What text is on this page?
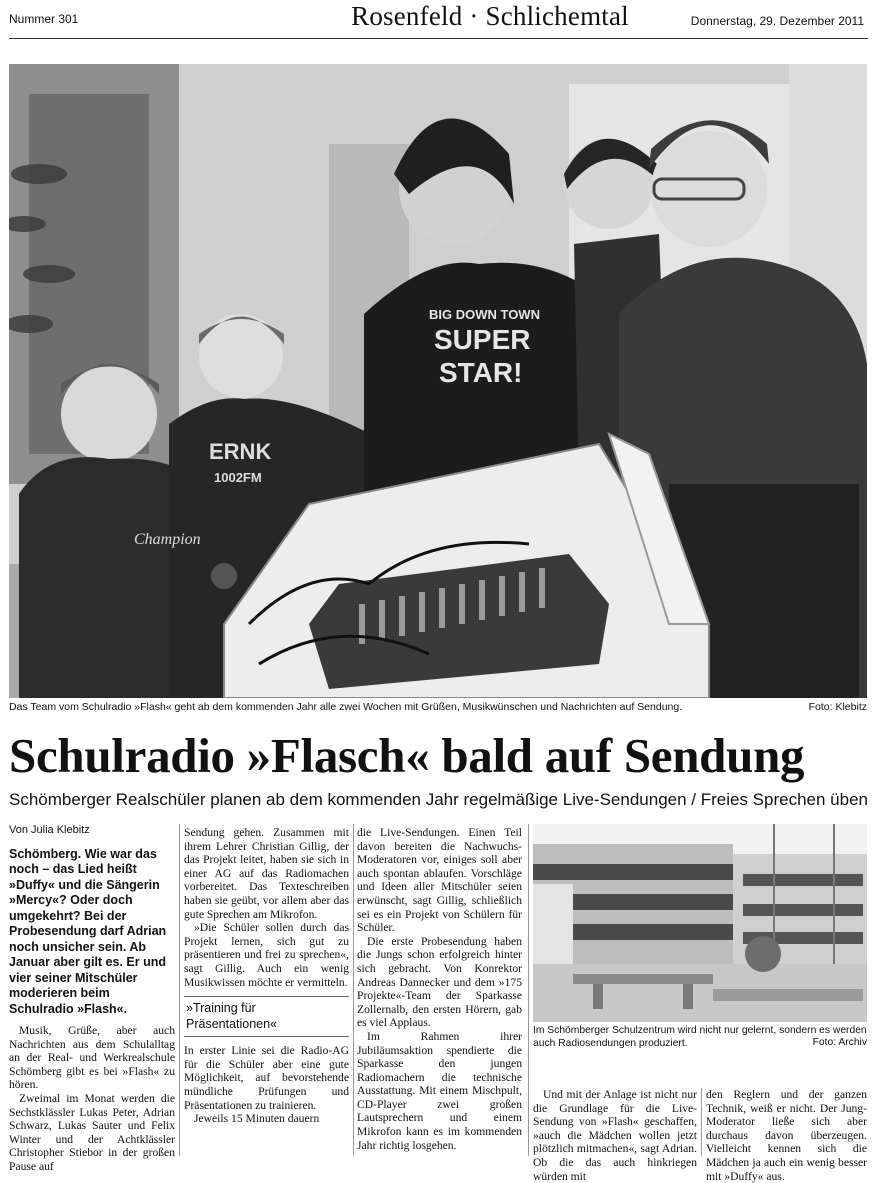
Nummer 301	Rosenfeld · Schlichemtal	Donnerstag, 29. Dezember 2011
BIG DOWN TOWN
SUPER
STAR!
ERNK
1002FM
Champion
Das Team vom Schulradio »Flash« geht ab dem kommenden Jahr alle zwei Wochen mit Grüßen, Musikwünschen und Nachrichten auf Sendung.	Foto: Klebitz
Schulradio »Flasch« bald auf Sendung
Schömberger Realschüler planen ab dem kommenden Jahr regelmäßige Live-Sendungen / Freies Sprechen üben

Von Julia Klebitz

Schömberg. Wie war das noch – das Lied heißt »Duffy« und die Sängerin »Mercy«? Oder doch umgekehrt? Bei der Probesendung darf Adrian noch unsicher sein. Ab Januar aber gilt es. Er und vier seiner Mitschüler moderieren beim Schulradio »Flash«.

Musik, Grüße, aber auch Nachrichten aus dem Schulalltag an der Real- und Werkrealschule Schömberg gibt es bei »Flash« zu hören.

Zweimal im Monat werden die Sechstklässler Lukas Peter, Adrian Schwarz, Lukas Sauter und Felix Winter und der Achtklässler Christopher Stiebor in der großen Pause auf

Sendung gehen. Zusammen mit ihrem Lehrer Christian Gillig, der das Projekt leitet, haben sie sich in einer AG auf das Radiomachen vorbereitet. Das Texteschreiben haben sie geübt, vor allem aber das gute Sprechen am Mikrofon.

»Die Schüler sollen durch das Projekt lernen, sich gut zu präsentieren und frei zu sprechen«, sagt Gillig. Auch ein wenig Musikwissen möchte er vermitteln.

»Training für Präsentationen«

In erster Linie sei die Radio-AG für die Schüler aber eine gute Möglichkeit, auf bevorstehende mündliche Prüfungen und Präsentationen zu trainieren.

Jeweils 15 Minuten dauern

die Live-Sendungen. Einen Teil davon bereiten die Nachwuchs-Moderatoren vor, einiges soll aber auch spontan ablaufen. Vorschläge und Ideen aller Mitschüler seien erwünscht, sagt Gillig, schließlich sei es ein Projekt von Schülern für Schüler.

Die erste Probesendung haben die Jungs schon erfolgreich hinter sich gebracht. Von Konrektor Andreas Dannecker und dem »175 Projekte«-Team der Sparkasse Zollernalb, den ersten Hörern, gab es viel Applaus.

Im Rahmen ihrer Jubiläumsaktion spendierte die Sparkasse den jungen Radiomachern die technische Ausstattung. Mit einem Mischpult, CD-Player zwei großen Lautsprechern und einem Mikrofon kann es im kommenden Jahr richtig losgehen.

Im Schömberger Schulzentrum wird nicht nur gelernt, sondern es werden auch Radiosendungen produziert.	Foto: Archiv

Und mit der Anlage ist nicht nur die Grundlage für die Live-Sendung von »Flash« geschaffen, »auch die Mädchen wollen jetzt plötzlich mitmachen«, sagt Adrian. Ob die das auch hinkriegen würden mit

den Reglern und der ganzen Technik, weiß er nicht. Der Jung-Moderator ließe sich aber durchaus davon überzeugen. Vielleicht kennen sich die Mädchen ja auch ein wenig besser mit »Duffy« aus.
